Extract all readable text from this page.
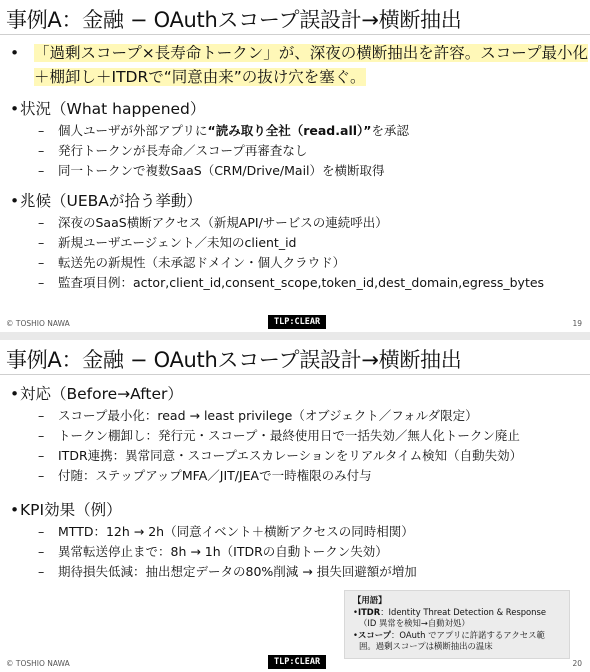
事例A：金融 − OAuthスコープ誤設計→横断抽出
• 「過剰スコープ×長寿命トークン」が、深夜の横断抽出を許容。スコープ最小化
＋棚卸し＋ITDRで“同意由来”の抜け穴を塞ぐ。
• 状況（What happened）
– 個人ユーザが外部アプリに“読み取り全社（read.all）”を承認
– 発行トークンが長寿命／スコープ再審査なし
– 同一トークンで複数SaaS（CRM/Drive/Mail）を横断取得
• 兆候（UEBAが拾う挙動）
– 深夜のSaaS横断アクセス（新規API/サービスの連続呼出）
– 新規ユーザエージェント／未知のclient_id
– 転送先の新規性（未承認ドメイン・個人クラウド）
– 監査項目例：actor,client_id,consent_scope,token_id,dest_domain,egress_bytes
© TOSHIO NAWA	TLP:CLEAR	19
事例A：金融 − OAuthスコープ誤設計→横断抽出
• 対応（Before→After）
– スコープ最小化：read → least privilege（オブジェクト／フォルダ限定）
– トークン棚卸し：発行元・スコープ・最終使用日で一括失効／無人化トークン廃止
– ITDR連携：異常同意・スコープエスカレーションをリアルタイム検知（自動失効）
– 付随：ステップアップMFA／JIT/JEAで一時権限のみ付与
• KPI効果（例）
– MTTD：12h → 2h（同意イベント＋横断アクセスの同時相関）
– 異常転送停止まで：8h → 1h（ITDRの自動トークン失効）
– 期待損失低減：抽出想定データの80%削減 → 損失回避額が増加
【用語】
•ITDR：Identity Threat Detection & Response
（ID 異常を検知→自動対処）
•スコープ：OAuth でアプリに許諾するアクセス範
囲。過剰スコープは横断抽出の温床
© TOSHIO NAWA	TLP:CLEAR	20
